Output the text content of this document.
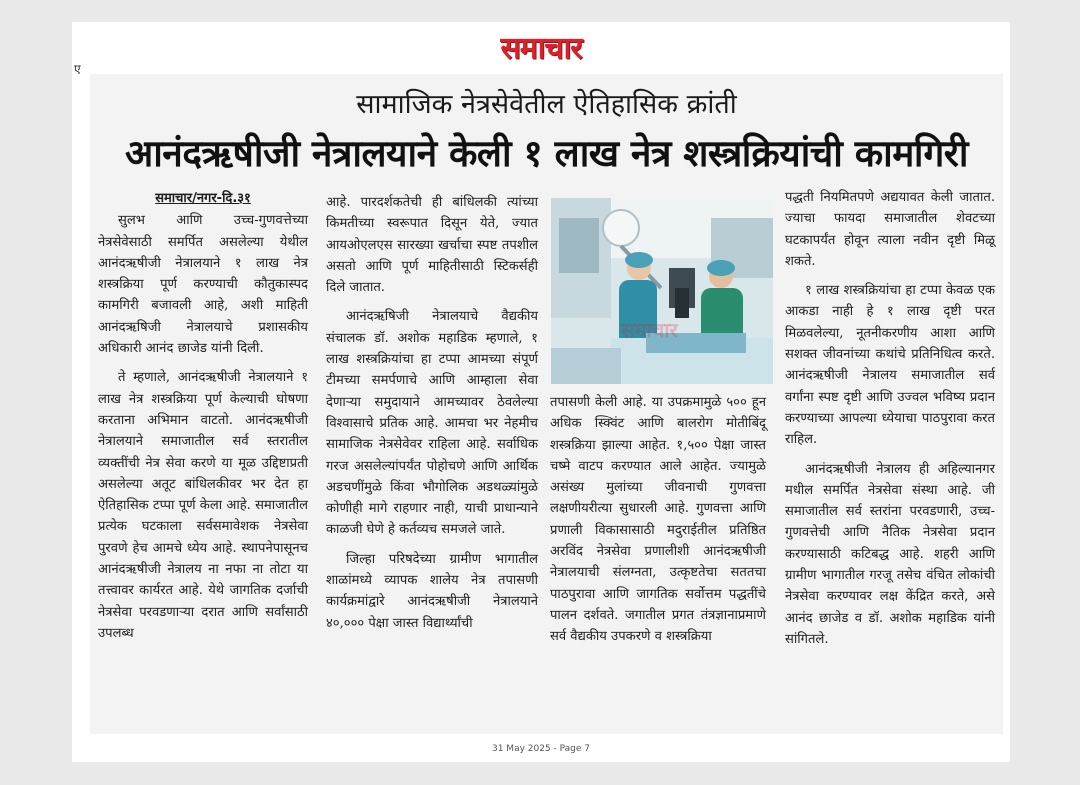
समाचार
ए
सामाजिक नेत्रसेवेतील ऐतिहासिक क्रांती
आनंदऋषीजी नेत्रालयाने केली १ लाख नेत्र शस्त्रक्रियांची कामगिरी
समाचार/नगर-दि.३१

सुलभ आणि उच्च-गुणवत्तेच्या नेत्रसेवेसाठी समर्पित असलेल्या येथील आनंदऋषीजी नेत्रालयाने १ लाख नेत्र शस्त्रक्रिया पूर्ण करण्याची कौतुकास्पद कामगिरी बजावली आहे, अशी माहिती आनंदऋषिजी नेत्रालयाचे प्रशासकीय अधिकारी आनंद छाजेड यांनी दिली.

ते म्हणाले, आनंदऋषीजी नेत्रालयाने १ लाख नेत्र शस्त्रक्रिया पूर्ण केल्याची घोषणा करताना अभिमान वाटतो. आनंदऋषीजी नेत्रालयाने समाजातील सर्व स्तरातील व्यक्तींची नेत्र सेवा करणे या मूळ उद्दिष्टाप्रती असलेल्या अतूट बांधिलकीवर भर देत हा ऐतिहासिक टप्पा पूर्ण केला आहे. समाजातील प्रत्येक घटकाला सर्वसमावेशक नेत्रसेवा पुरवणे हेच आमचे ध्येय आहे. स्थापनेपासूनच आनंदऋषीजी नेत्रालय ना नफा ना तोटा या तत्त्वावर कार्यरत आहे. येथे जागतिक दर्जाची नेत्रसेवा परवडणाऱ्या दरात आणि सर्वांसाठी उपलब्ध

आहे. पारदर्शकतेची ही बांधिलकी त्यांच्या किमतीच्या स्वरूपात दिसून येते, ज्यात आयओएलएस सारख्या खर्चाचा स्पष्ट तपशील असतो आणि पूर्ण माहितीसाठी स्टिकर्सही दिले जातात.

आनंदऋषिजी नेत्रालयाचे वैद्यकीय संचालक डॉ. अशोक महाडिक म्हणाले, १ लाख शस्त्रक्रियांचा हा टप्पा आमच्या संपूर्ण टीमच्या समर्पणाचे आणि आम्हाला सेवा देणाऱ्या समुदायाने आमच्यावर ठेवलेल्या विश्वासाचे प्रतिक आहे. आमचा भर नेहमीच सामाजिक नेत्रसेवेवर राहिला आहे. सर्वाधिक गरज असलेल्यांपर्यंत पोहोचणे आणि आर्थिक अडचणींमुळे किंवा भौगोलिक अडथळ्यांमुळे कोणीही मागे राहणार नाही, याची प्राधान्याने काळजी घेणे हे कर्तव्यच समजले जाते.

जिल्हा परिषदेच्या ग्रामीण भागातील शाळांमध्ये व्यापक शालेय नेत्र तपासणी कार्यक्रमांद्वारे आनंदऋषीजी नेत्रालयाने ४०,००० पेक्षा जास्त विद्यार्थ्यांची

समाचार

तपासणी केली आहे. या उपक्रमामुळे ५०० हून अधिक स्क्विंट आणि बालरोग मोतीबिंदू शस्त्रक्रिया झाल्या आहेत. १,५०० पेक्षा जास्त चष्मे वाटप करण्यात आले आहेत. ज्यामुळे असंख्य मुलांच्या जीवनाची गुणवत्ता लक्षणीयरीत्या सुधारली आहे. गुणवत्ता आणि प्रणाली विकासासाठी मदुराईतील प्रतिष्ठित अरविंद नेत्रसेवा प्रणालीशी आनंदऋषीजी नेत्रालयाची संलग्नता, उत्कृष्टतेचा सततचा पाठपुरावा आणि जागतिक सर्वोत्तम पद्धतींचे पालन दर्शवते. जगातील प्रगत तंत्रज्ञानाप्रमाणे सर्व वैद्यकीय उपकरणे व शस्त्रक्रिया

पद्धती नियमितपणे अद्ययावत केली जातात. ज्याचा फायदा समाजातील शेवटच्या घटकापर्यंत होवून त्याला नवीन दृष्टी मिळू शकते.

१ लाख शस्त्रक्रियांचा हा टप्पा केवळ एक आकडा नाही हे १ लाख दृष्टी परत मिळवलेल्या, नूतनीकरणीय आशा आणि सशक्त जीवनांच्या कथांचे प्रतिनिधित्व करते. आनंदऋषीजी नेत्रालय समाजातील सर्व वर्गांना स्पष्ट दृष्टी आणि उज्वल भविष्य प्रदान करण्याच्या आपल्या ध्येयाचा पाठपुरावा करत राहिल.

आनंदऋषीजी नेत्रालय ही अहिल्यानगर मधील समर्पित नेत्रसेवा संस्था आहे. जी समाजातील सर्व स्तरांना परवडणारी, उच्च-गुणवत्तेची आणि नैतिक नेत्रसेवा प्रदान करण्यासाठी कटिबद्ध आहे. शहरी आणि ग्रामीण भागातील गरजू तसेच वंचित लोकांची नेत्रसेवा करण्यावर लक्ष केंद्रित करते, असे आनंद छाजेड व डॉ. अशोक महाडिक यांनी सांगितले.

31 May 2025 - Page 7
